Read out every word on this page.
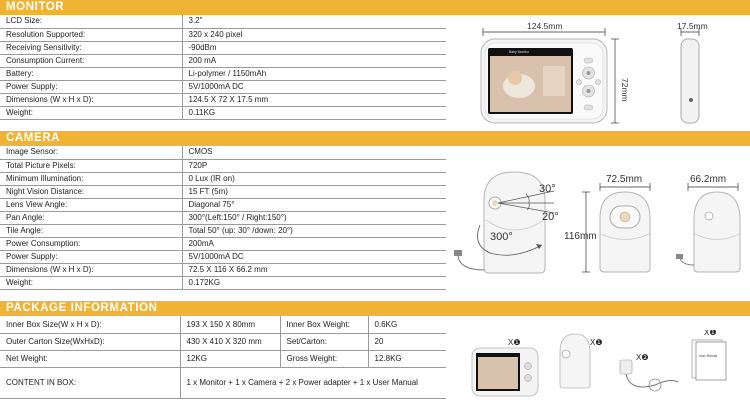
MONITOR
LCD Size:	3.2"
Resolution Supported:	320 x 240 pixel
Receiving Sensitivity:	-90dBm
Consumption Current:	200 mA
Battery:	Li-polymer / 1150mAh
Power Supply:	5V/1000mA DC
Dimensions (W x H x D):	124.5 X 72 X 17.5 mm
Weight:	0.11KG
CAMERA
Image Sensor:	CMOS
Total Picture Pixels:	720P
Minimum Illumination:	0 Lux (IR on)
Night Vision Distance:	15 FT (5m)
Lens View Angle:	Diagonal 75°
Pan Angle:	300°(Left:150° / Right:150°)
Tile Angle:	Total 50° (up: 30° /down: 20°)
Power Consumption:	200mA
Power Supply:	5V/1000mA DC
Dimensions (W x H x D):	72.5 X 116 X 66.2 mm
Weight:	0.172KG
PACKAGE INFORMATION
Inner Box Size(W x H x D):	193 X 150 X 80mm	Inner Box Weight:	0.6KG
Outer Carton Size(WxHxD):	430 X 410 X 320 mm	Set/Carton:	20
Net Weight:	12KG	Gross Weight:	12.8KG
CONTENT IN BOX:	1 x Monitor + 1 x Camera + 2 x Power adapter + 1 x User Manual		
124.5mm
Baby Monitor
72mm
17.5mm
30°
20°
300°
72.5mm
116mm
66.2mm
X❶	X❶
X❷
X❶
User Manual
